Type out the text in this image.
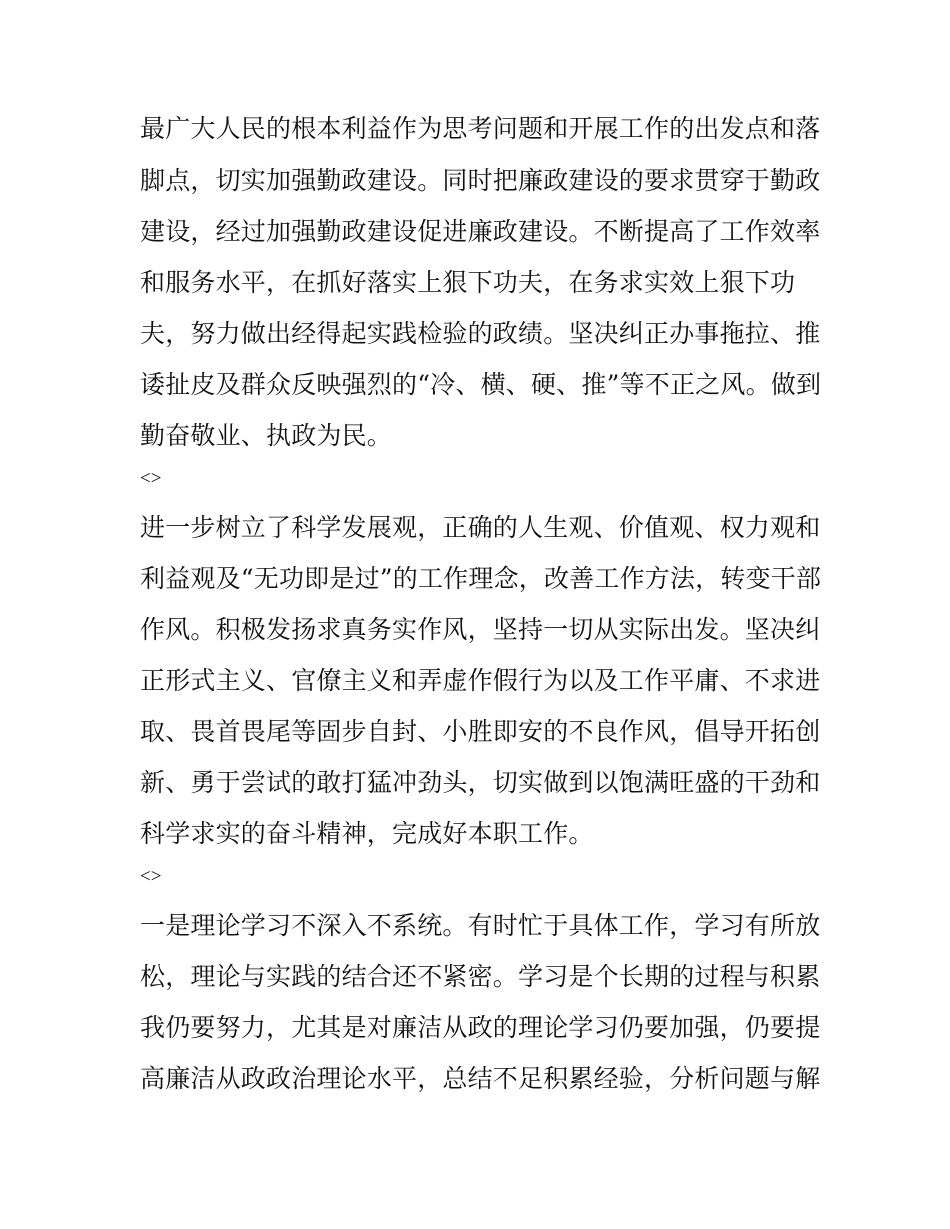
最广大人民的根本利益作为思考问题和开展工作的出发点和落
脚点，切实加强勤政建设。同时把廉政建设的要求贯穿于勤政
建设，经过加强勤政建设促进廉政建设。不断提高了工作效率
和服务水平，在抓好落实上狠下功夫，在务求实效上狠下功
夫，努力做出经得起实践检验的政绩。坚决纠正办事拖拉、推
诿扯皮及群众反映强烈的“冷、横、硬、推”等不正之风。做到
勤奋敬业、执政为民。
<>
进一步树立了科学发展观，正确的人生观、价值观、权力观和
利益观及“无功即是过”的工作理念，改善工作方法，转变干部
作风。积极发扬求真务实作风，坚持一切从实际出发。坚决纠
正形式主义、官僚主义和弄虚作假行为以及工作平庸、不求进
取、畏首畏尾等固步自封、小胜即安的不良作风，倡导开拓创
新、勇于尝试的敢打猛冲劲头，切实做到以饱满旺盛的干劲和
科学求实的奋斗精神，完成好本职工作。
<>
一是理论学习不深入不系统。有时忙于具体工作，学习有所放
松，理论与实践的结合还不紧密。学习是个长期的过程与积累
我仍要努力，尤其是对廉洁从政的理论学习仍要加强，仍要提
高廉洁从政政治理论水平，总结不足积累经验，分析问题与解
